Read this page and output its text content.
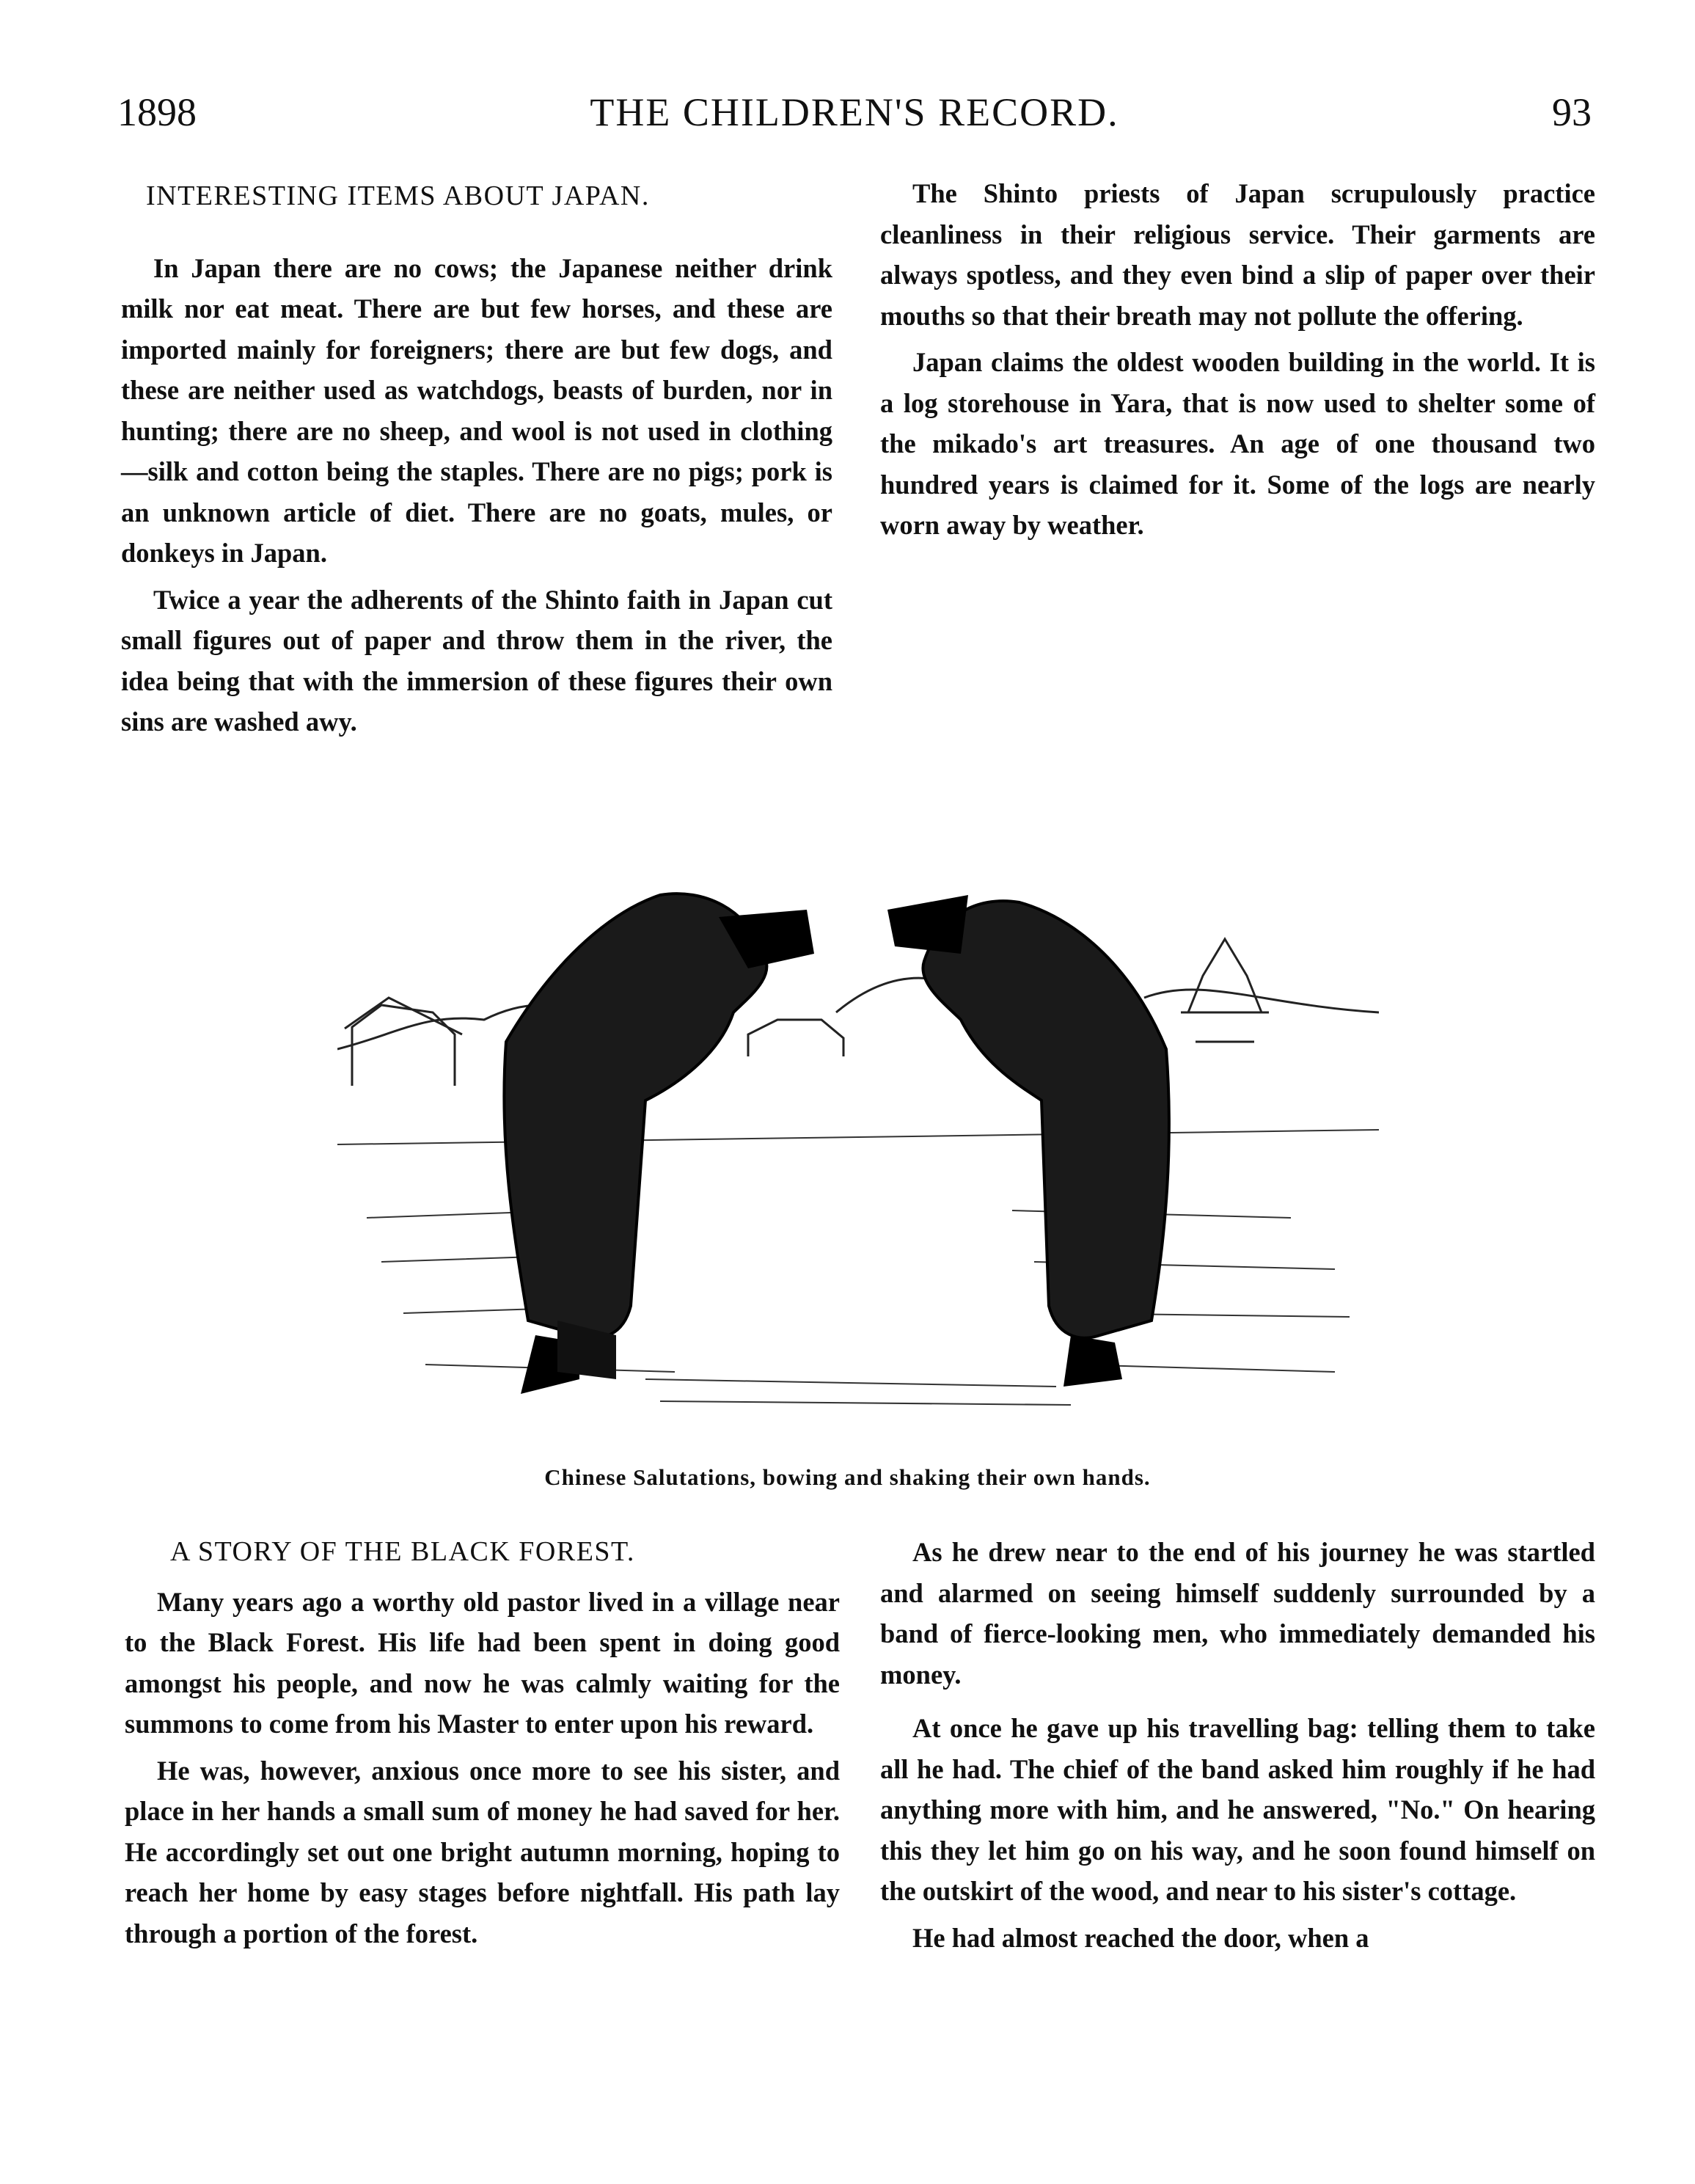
1898	THE CHILDREN'S RECORD.	93
INTERESTING ITEMS ABOUT JAPAN.

In Japan there are no cows; the Japanese neither drink milk nor eat meat. There are but few horses, and these are imported mainly for foreigners; there are but few dogs, and these are neither used as watchdogs, beasts of burden, nor in hunting; there are no sheep, and wool is not used in clothing —silk and cotton being the staples. There are no pigs; pork is an unknown article of diet. There are no goats, mules, or donkeys in Japan.

Twice a year the adherents of the Shinto faith in Japan cut small figures out of paper and throw them in the river, the idea being that with the immersion of these figures their own sins are washed awy.

The Shinto priests of Japan scrupulously practice cleanliness in their religious service. Their garments are always spotless, and they even bind a slip of paper over their mouths so that their breath may not pollute the offering.

Japan claims the oldest wooden building in the world. It is a log storehouse in Yara, that is now used to shelter some of the mikado's art treasures. An age of one thousand two hundred years is claimed for it. Some of the logs are nearly worn away by weather.

Chinese Salutations, bowing and shaking their own hands.
A STORY OF THE BLACK FOREST.

Many years ago a worthy old pastor lived in a village near to the Black Forest. His life had been spent in doing good amongst his people, and now he was calmly waiting for the summons to come from his Master to enter upon his reward.

He was, however, anxious once more to see his sister, and place in her hands a small sum of money he had saved for her. He accordingly set out one bright autumn morning, hoping to reach her home by easy stages before nightfall. His path lay through a portion of the forest.

As he drew near to the end of his journey he was startled and alarmed on seeing himself suddenly surrounded by a band of fierce-looking men, who immediately demanded his money.

At once he gave up his travelling bag: telling them to take all he had. The chief of the band asked him roughly if he had anything more with him, and he answered, "No." On hearing this they let him go on his way, and he soon found himself on the outskirt of the wood, and near to his sister's cottage.

He had almost reached the door, when a
